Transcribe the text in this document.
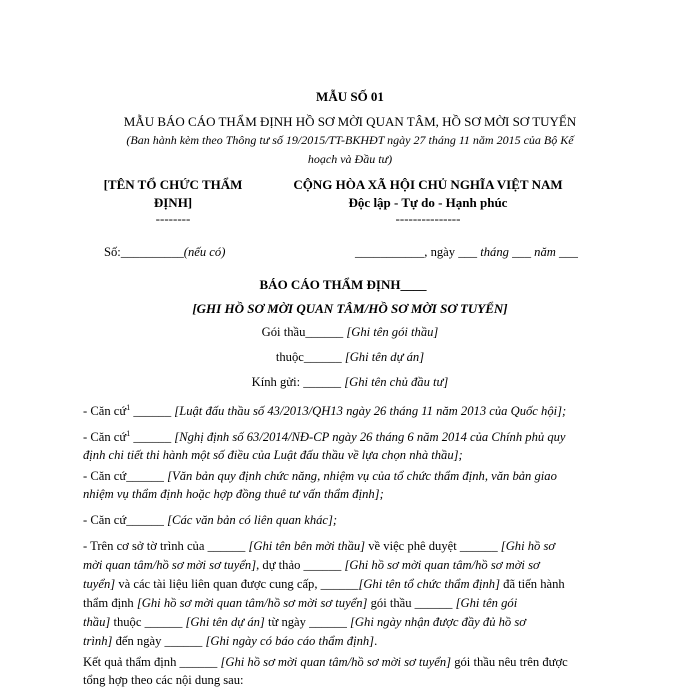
MẪU SỐ 01
MẪU BÁO CÁO THẨM ĐỊNH HỒ SƠ MỜI QUAN TÂM, HỒ SƠ MỜI SƠ TUYỂN
(Ban hành kèm theo Thông tư số 19/2015/TT-BKHĐT ngày 27 tháng 11 năm 2015 của Bộ Kế
hoạch và Đầu tư)
[TÊN TỔ CHỨC THẨM
ĐỊNH]
--------
CỘNG HÒA XÃ HỘI CHỦ NGHĨA VIỆT NAM
Độc lập - Tự do - Hạnh phúc
---------------
Số:__________(nếu có)	___________, ngày ___ tháng ___ năm ___
BÁO CÁO THẨM ĐỊNH____
[GHI HỒ SƠ MỜI QUAN TÂM/HỒ SƠ MỜI SƠ TUYỂN]
Gói thầu______ [Ghi tên gói thầu]
thuộc______ [Ghi tên dự án]
Kính gửi: ______ [Ghi tên chủ đầu tư]
- Căn cứ$^1$ ______ [Luật đấu thầu số 43/2013/QH13 ngày 26 tháng 11 năm 2013 của Quốc hội];
- Căn cứ$^1$ ______ [Nghị định số 63/2014/NĐ-CP ngày 26 tháng 6 năm 2014 của Chính phủ quy
định chi tiết thi hành một số điều của Luật đấu thầu về lựa chọn nhà thầu];
- Căn cứ______ [Văn bản quy định chức năng, nhiệm vụ của tổ chức thẩm định, văn bản giao
nhiệm vụ thẩm định hoặc hợp đồng thuê tư vấn thẩm định];
- Căn cứ______ [Các văn bản có liên quan khác];
- Trên cơ sở tờ trình của ______ [Ghi tên bên mời thầu] về việc phê duyệt ______ [Ghi hồ sơ
mời quan tâm/hồ sơ mời sơ tuyển], dự thảo ______ [Ghi hồ sơ mời quan tâm/hồ sơ mời sơ
tuyển] và các tài liệu liên quan được cung cấp, ______[Ghi tên tổ chức thẩm định] đã tiến hành
thẩm định [Ghi hồ sơ mời quan tâm/hồ sơ mời sơ tuyển] gói thầu ______ [Ghi tên gói
thầu] thuộc ______ [Ghi tên dự án] từ ngày ______ [Ghi ngày nhận được đầy đủ hồ sơ
trình] đến ngày ______ [Ghi ngày có báo cáo thẩm định].
Kết quả thẩm định ______ [Ghi hồ sơ mời quan tâm/hồ sơ mời sơ tuyển] gói thầu nêu trên được
tổng hợp theo các nội dung sau:
